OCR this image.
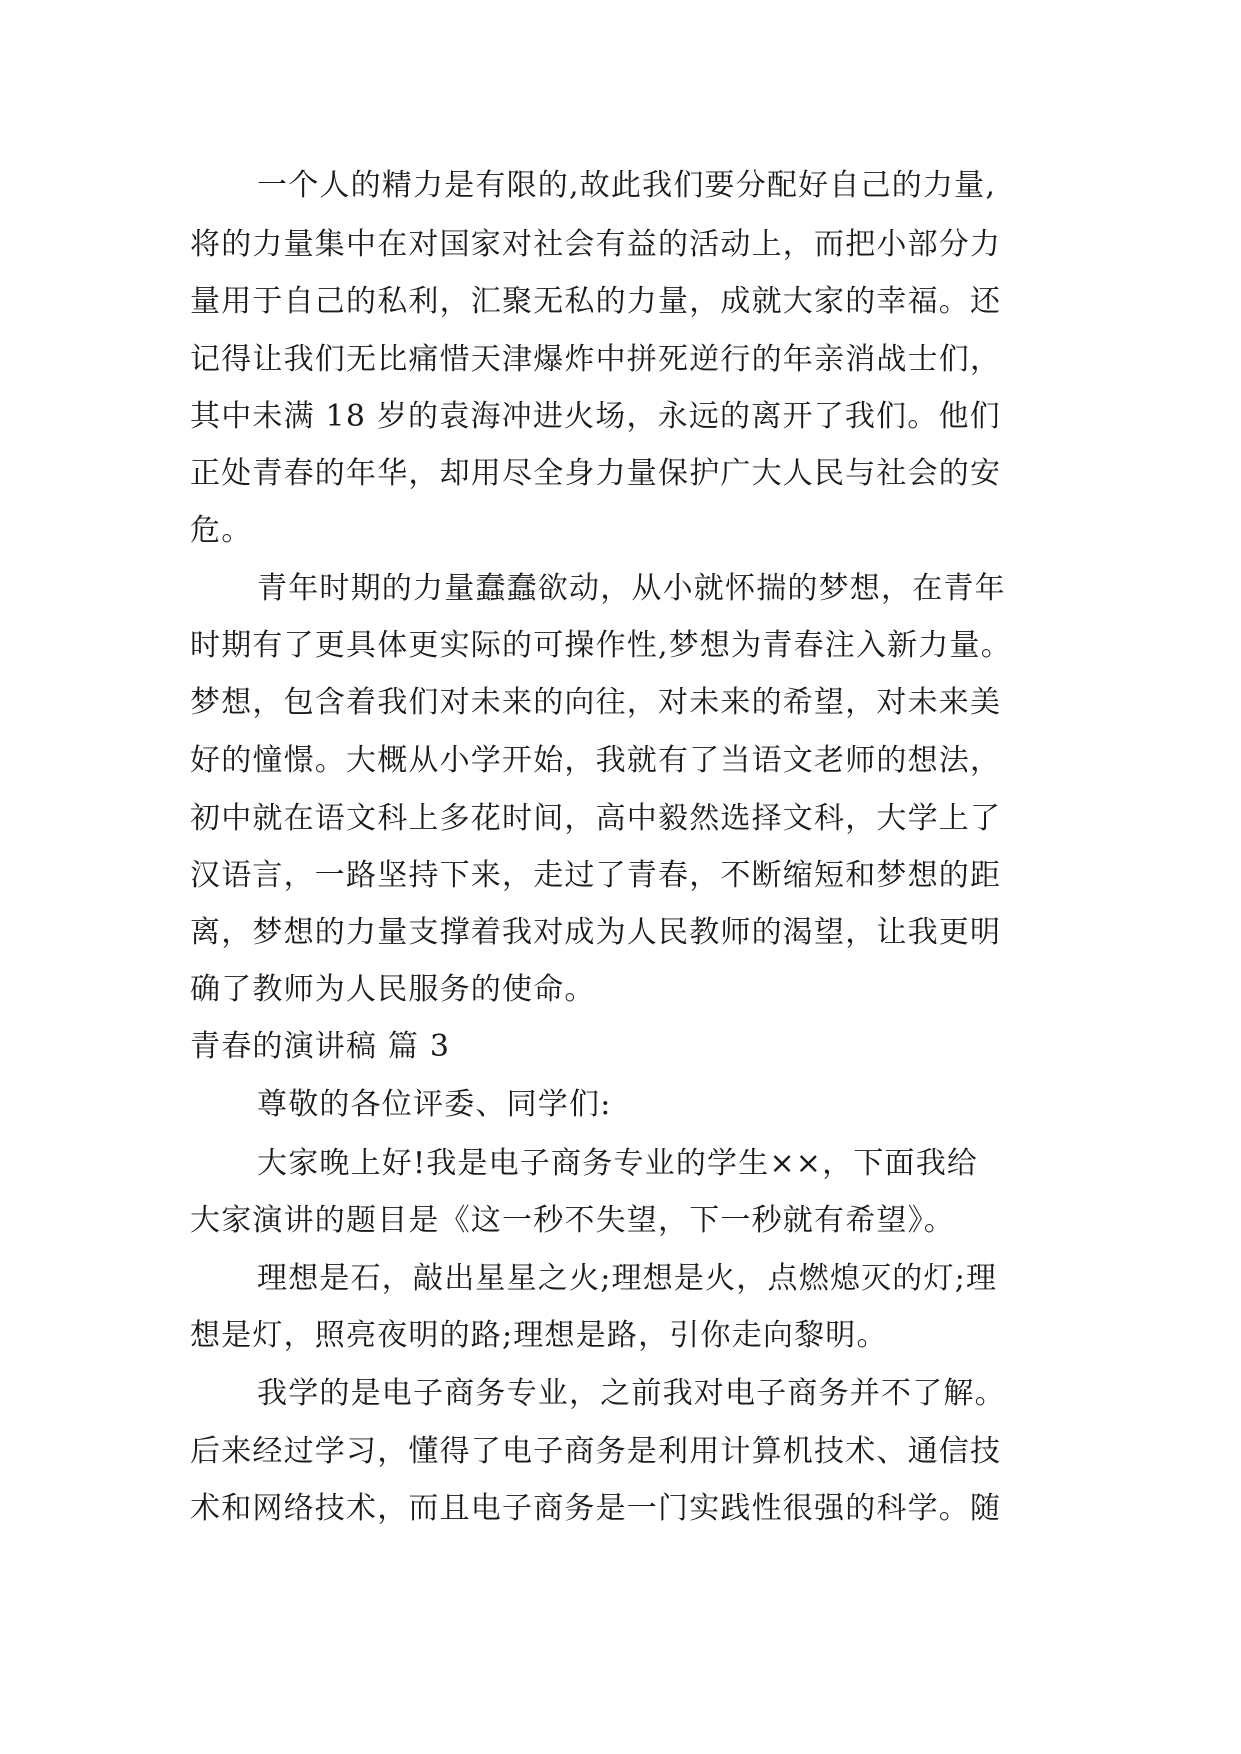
一个人的精力是有限的,故此我们要分配好自己的力量,
将的力量集中在对国家对社会有益的活动上，而把小部分力
量用于自己的私利，汇聚无私的力量，成就大家的幸福。还
记得让我们无比痛惜天津爆炸中拼死逆行的年亲消战士们，
其中未满 18 岁的袁海冲进火场，永远的离开了我们。他们
正处青春的年华，却用尽全身力量保护广大人民与社会的安
危。
青年时期的力量蠢蠢欲动，从小就怀揣的梦想，在青年
时期有了更具体更实际的可操作性,梦想为青春注入新力量。
梦想，包含着我们对未来的向往，对未来的希望，对未来美
好的憧憬。大概从小学开始，我就有了当语文老师的想法，
初中就在语文科上多花时间，高中毅然选择文科，大学上了
汉语言，一路坚持下来，走过了青春，不断缩短和梦想的距
离，梦想的力量支撑着我对成为人民教师的渴望，让我更明
确了教师为人民服务的使命。
青春的演讲稿 篇 3
尊敬的各位评委、同学们:
大家晚上好!我是电子商务专业的学生××，下面我给
大家演讲的题目是《这一秒不失望，下一秒就有希望》。
理想是石，敲出星星之火;理想是火，点燃熄灭的灯;理
想是灯，照亮夜明的路;理想是路，引你走向黎明。
我学的是电子商务专业，之前我对电子商务并不了解。
后来经过学习，懂得了电子商务是利用计算机技术、通信技
术和网络技术，而且电子商务是一门实践性很强的科学。随
